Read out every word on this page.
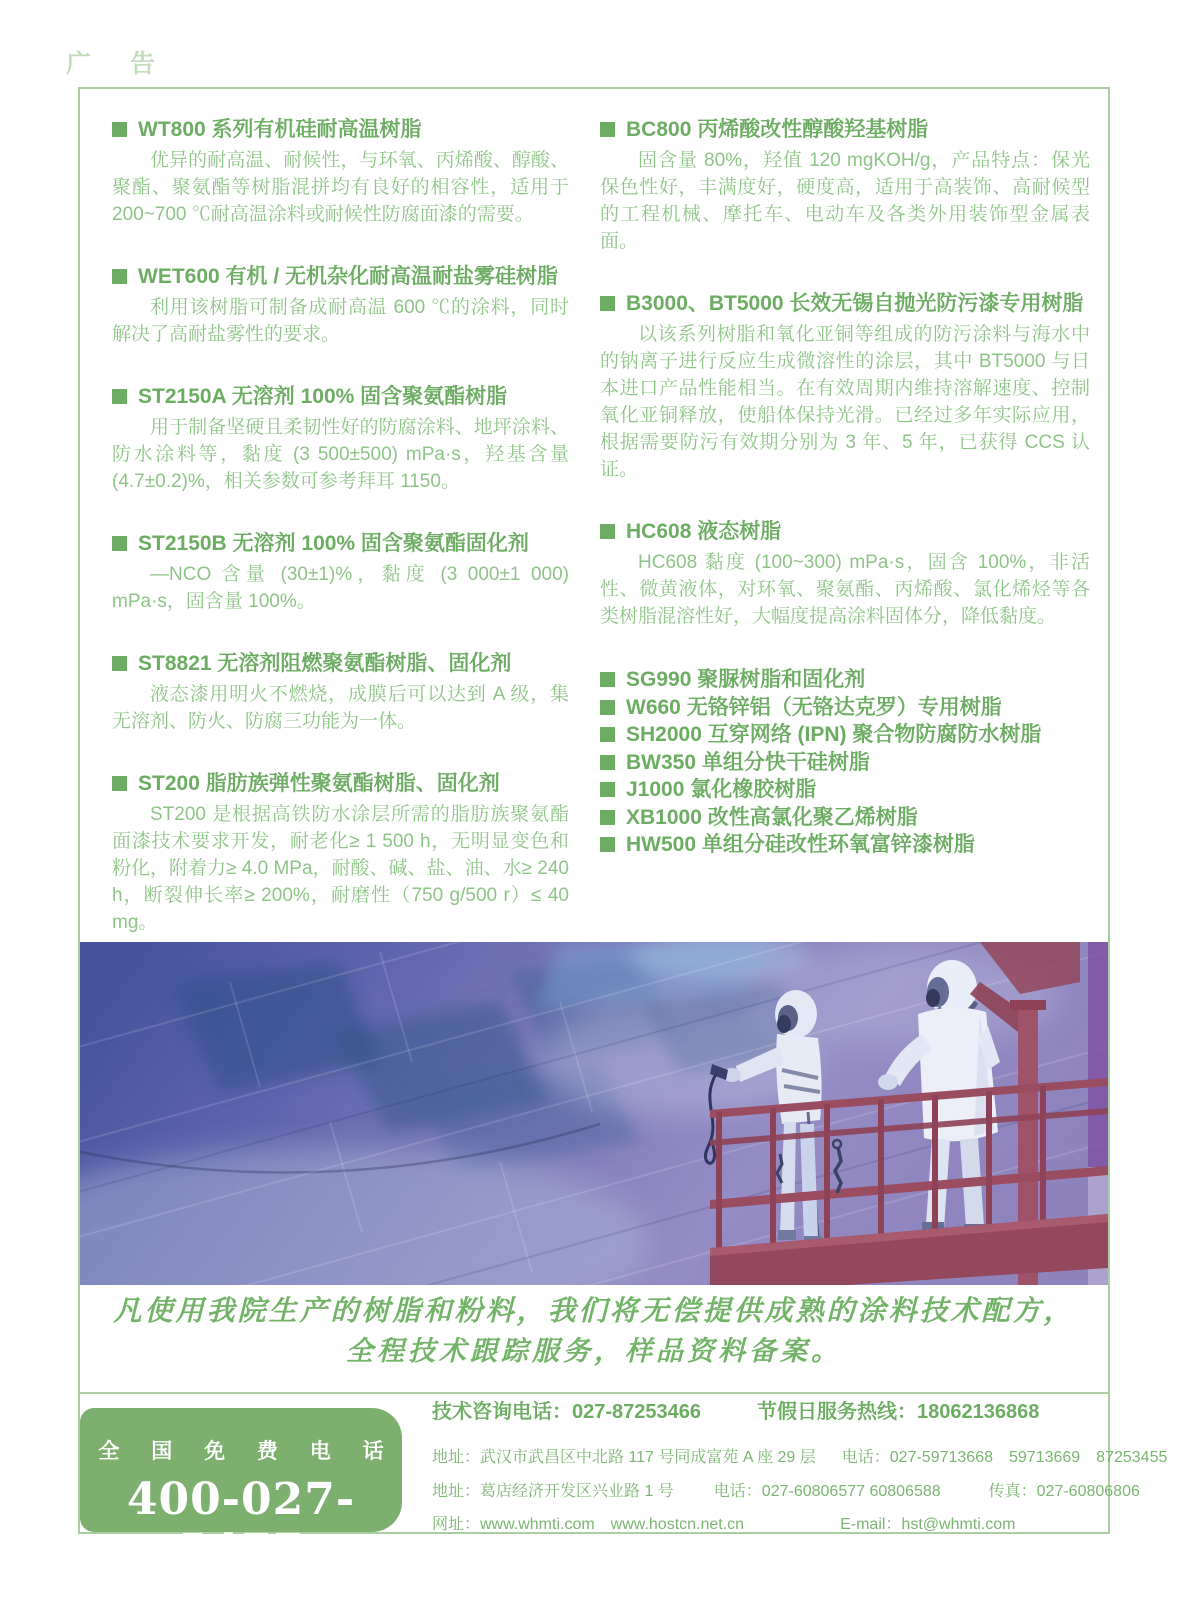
广 告
WT800 系列有机硅耐高温树脂

优异的耐高温、耐候性，与环氧、丙烯酸、醇酸、聚酯、聚氨酯等树脂混拼均有良好的相容性，适用于 200~700 ℃耐高温涂料或耐候性防腐面漆的需要。

WET600 有机 / 无机杂化耐高温耐盐雾硅树脂

利用该树脂可制备成耐高温 600 ℃的涂料，同时解决了高耐盐雾性的要求。

ST2150A 无溶剂 100% 固含聚氨酯树脂

用于制备坚硬且柔韧性好的防腐涂料、地坪涂料、防水涂料等，黏度 (3 500±500) mPa·s，羟基含量 (4.7±0.2)%，相关参数可参考拜耳 1150。

ST2150B 无溶剂 100% 固含聚氨酯固化剂

—NCO 含量 (30±1)%，黏度 (3 000±1 000) mPa·s，固含量 100%。

ST8821 无溶剂阻燃聚氨酯树脂、固化剂

液态漆用明火不燃烧，成膜后可以达到 A 级，集无溶剂、防火、防腐三功能为一体。

ST200 脂肪族弹性聚氨酯树脂、固化剂

ST200 是根据高铁防水涂层所需的脂肪族聚氨酯面漆技术要求开发，耐老化≥ 1 500 h，无明显变色和粉化，附着力≥ 4.0 MPa，耐酸、碱、盐、油、水≥ 240 h，断裂伸长率≥ 200%，耐磨性（750 g/500 r）≤ 40 mg。

BC800 丙烯酸改性醇酸羟基树脂

固含量 80%，羟值 120 mgKOH/g，产品特点：保光保色性好，丰满度好，硬度高，适用于高装饰、高耐候型的工程机械、摩托车、电动车及各类外用装饰型金属表面。

B3000、BT5000 长效无锡自抛光防污漆专用树脂

以该系列树脂和氧化亚铜等组成的防污涂料与海水中的钠离子进行反应生成微溶性的涂层，其中 BT5000 与日本进口产品性能相当。在有效周期内维持溶解速度、控制氧化亚铜释放，使船体保持光滑。已经过多年实际应用，根据需要防污有效期分别为 3 年、5 年，已获得 CCS 认证。

HC608 液态树脂

HC608 黏度 (100~300) mPa·s，固含 100%，非活性、微黄液体，对环氧、聚氨酯、丙烯酸、氯化烯烃等各类树脂混溶性好，大幅度提高涂料固体分，降低黏度。

SG990 聚脲树脂和固化剂
W660 无铬锌铝（无铬达克罗）专用树脂
SH2000 互穿网络 (IPN) 聚合物防腐防水树脂
BW350 单组分快干硅树脂
J1000 氯化橡胶树脂
XB1000 改性高氯化聚乙烯树脂
HW500 单组分硅改性环氧富锌漆树脂
凡使用我院生产的树脂和粉料，我们将无偿提供成熟的涂料技术配方，
全程技术跟踪服务，样品资料备案。
全 国 免 费 电 话
400-027-5477
技术咨询电话：027-87253466	节假日服务热线：18062136868
地址：武汉市武昌区中北路 117 号同成富苑 A 座 29 层 电话：027-59713668　59713669　87253455
地址：葛店经济开发区兴业路 1 号	电话：027-60806577 60806588	传真：027-60806806
网址：www.whmti.com　www.hostcn.net.cn	E-mail：hst@whmti.com
